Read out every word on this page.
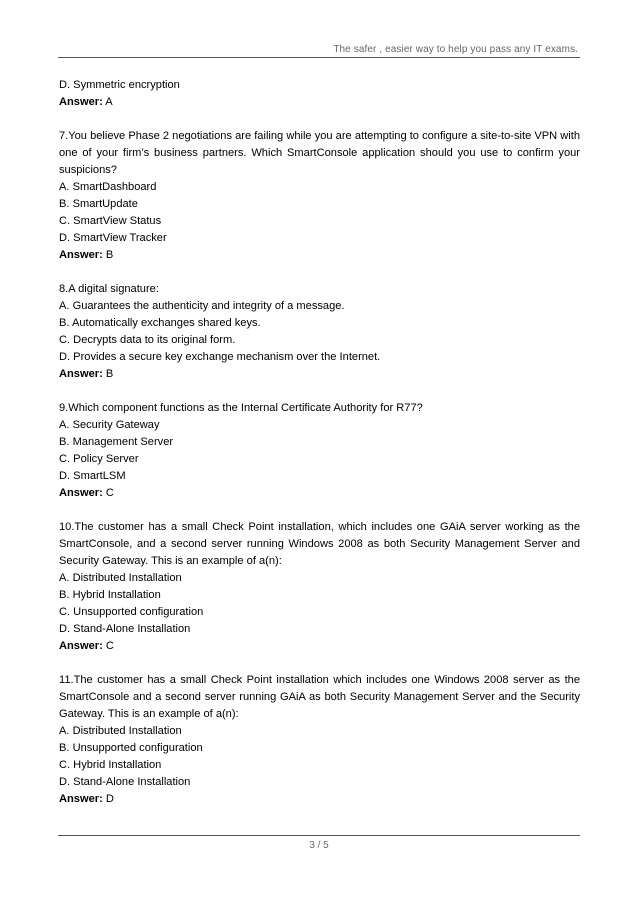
The safer , easier way to help you pass any IT exams.
D. Symmetric encryption
Answer: A
7.You believe Phase 2 negotiations are failing while you are attempting to configure a site-to-site VPN with one of your firm’s business partners. Which SmartConsole application should you use to confirm your suspicions?
A. SmartDashboard
B. SmartUpdate
C. SmartView Status
D. SmartView Tracker
Answer: B
8.A digital signature:
A. Guarantees the authenticity and integrity of a message.
B. Automatically exchanges shared keys.
C. Decrypts data to its original form.
D. Provides a secure key exchange mechanism over the Internet.
Answer: B
9.Which component functions as the Internal Certificate Authority for R77?
A. Security Gateway
B. Management Server
C. Policy Server
D. SmartLSM
Answer: C
10.The customer has a small Check Point installation, which includes one GAiA server working as the SmartConsole, and a second server running Windows 2008 as both Security Management Server and Security Gateway. This is an example of a(n):
A. Distributed Installation
B. Hybrid Installation
C. Unsupported configuration
D. Stand-Alone Installation
Answer: C
11.The customer has a small Check Point installation which includes one Windows 2008 server as the SmartConsole and a second server running GAiA as both Security Management Server and the Security Gateway. This is an example of a(n):
A. Distributed Installation
B. Unsupported configuration
C. Hybrid Installation
D. Stand-Alone Installation
Answer: D
3 / 5
